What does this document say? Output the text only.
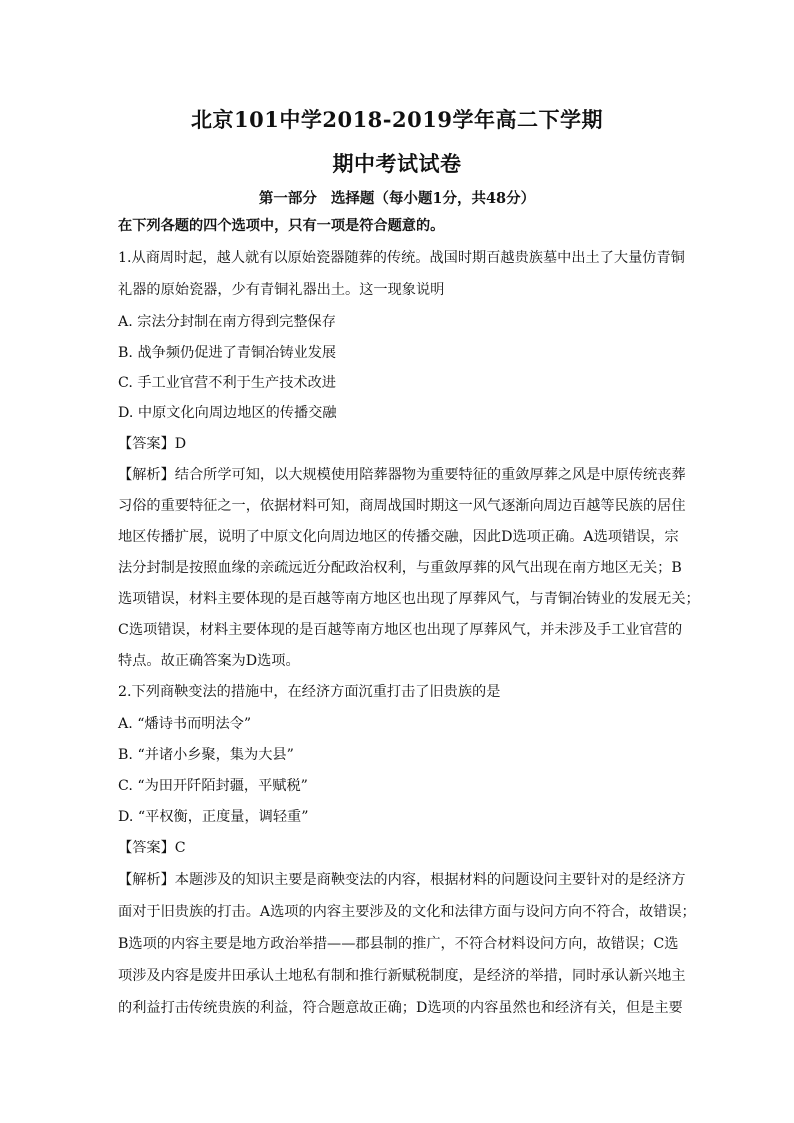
北京101中学2018-2019学年高二下学期
期中考试试卷
第一部分 选择题（每小题1分，共48分）
在下列各题的四个选项中，只有一项是符合题意的。
1.从商周时起，越人就有以原始瓷器随葬的传统。战国时期百越贵族墓中出土了大量仿青铜
礼器的原始瓷器，少有青铜礼器出土。这一现象说明
A. 宗法分封制在南方得到完整保存
B. 战争频仍促进了青铜冶铸业发展
C. 手工业官营不利于生产技术改进
D. 中原文化向周边地区的传播交融
【答案】D
【解析】结合所学可知，以大规模使用陪葬器物为重要特征的重敛厚葬之风是中原传统丧葬
习俗的重要特征之一，依据材料可知，商周战国时期这一风气逐渐向周边百越等民族的居住
地区传播扩展，说明了中原文化向周边地区的传播交融，因此D选项正确。A选项错误，宗
法分封制是按照血缘的亲疏远近分配政治权利，与重敛厚葬的风气出现在南方地区无关；B
选项错误，材料主要体现的是百越等南方地区也出现了厚葬风气，与青铜冶铸业的发展无关；
C选项错误，材料主要体现的是百越等南方地区也出现了厚葬风气，并未涉及手工业官营的
特点。故正确答案为D选项。
2.下列商鞅变法的措施中，在经济方面沉重打击了旧贵族的是
A. “燔诗书而明法令”
B. “并诸小乡聚，集为大县”
C. “为田开阡陌封疆，平赋税”
D. “平权衡，正度量，调轻重”
【答案】C
【解析】本题涉及的知识主要是商鞅变法的内容，根据材料的问题设问主要针对的是经济方
面对于旧贵族的打击。A选项的内容主要涉及的文化和法律方面与设问方向不符合，故错误；
B选项的内容主要是地方政治举措——郡县制的推广，不符合材料设问方向，故错误；C选
项涉及内容是废井田承认土地私有制和推行新赋税制度，是经济的举措，同时承认新兴地主
的利益打击传统贵族的利益，符合题意故正确；D选项的内容虽然也和经济有关，但是主要
